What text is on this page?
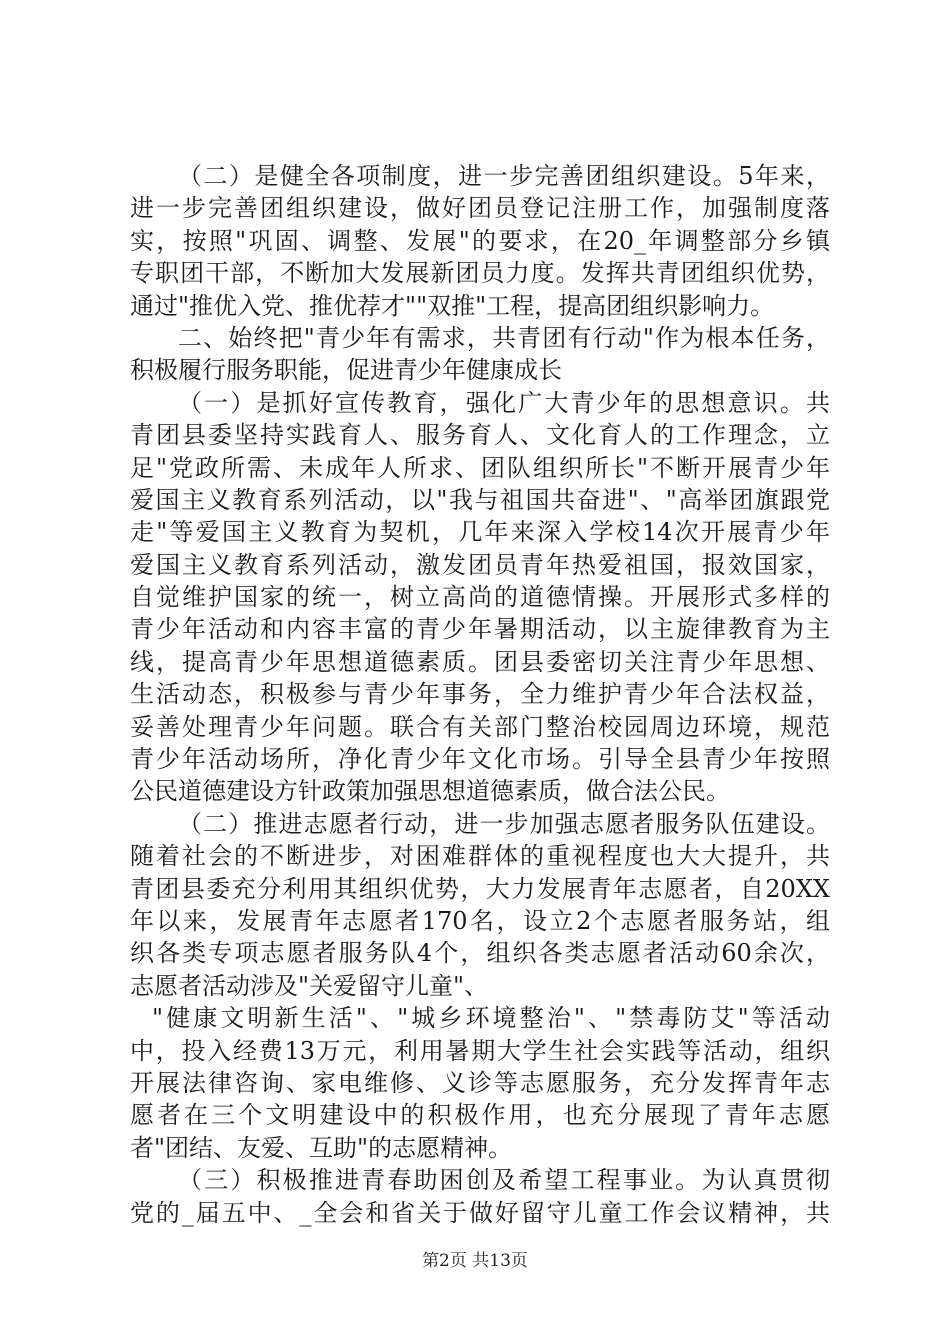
（二）是健全各项制度，进一步完善团组织建设。5年来，
进一步完善团组织建设，做好团员登记注册工作，加强制度落
实，按照"巩固、调整、发展"的要求，在20_年调整部分乡镇
专职团干部，不断加大发展新团员力度。发挥共青团组织优势，
通过"推优入党、推优荐才""双推"工程，提高团组织影响力。
二、始终把"青少年有需求，共青团有行动"作为根本任务，
积极履行服务职能，促进青少年健康成长
（一）是抓好宣传教育，强化广大青少年的思想意识。共
青团县委坚持实践育人、服务育人、文化育人的工作理念，立
足"党政所需、未成年人所求、团队组织所长"不断开展青少年
爱国主义教育系列活动，以"我与祖国共奋进"、"高举团旗跟党
走"等爱国主义教育为契机，几年来深入学校14次开展青少年
爱国主义教育系列活动，激发团员青年热爱祖国，报效国家，
自觉维护国家的统一，树立高尚的道德情操。开展形式多样的
青少年活动和内容丰富的青少年暑期活动，以主旋律教育为主
线，提高青少年思想道德素质。团县委密切关注青少年思想、
生活动态，积极参与青少年事务，全力维护青少年合法权益，
妥善处理青少年问题。联合有关部门整治校园周边环境，规范
青少年活动场所，净化青少年文化市场。引导全县青少年按照
公民道德建设方针政策加强思想道德素质，做合法公民。
（二）推进志愿者行动，进一步加强志愿者服务队伍建设。
随着社会的不断进步，对困难群体的重视程度也大大提升，共
青团县委充分利用其组织优势，大力发展青年志愿者，自20XX
年以来，发展青年志愿者170名，设立2个志愿者服务站，组
织各类专项志愿者服务队4个，组织各类志愿者活动60余次，
志愿者活动涉及"关爱留守儿童"、
"健康文明新生活"、"城乡环境整治"、"禁毒防艾"等活动
中，投入经费13万元，利用暑期大学生社会实践等活动，组织
开展法律咨询、家电维修、义诊等志愿服务，充分发挥青年志
愿者在三个文明建设中的积极作用，也充分展现了青年志愿
者"团结、友爱、互助"的志愿精神。
（三）积极推进青春助困创及希望工程事业。为认真贯彻
党的_届五中、_全会和省关于做好留守儿童工作会议精神，共
第2页 共13页
